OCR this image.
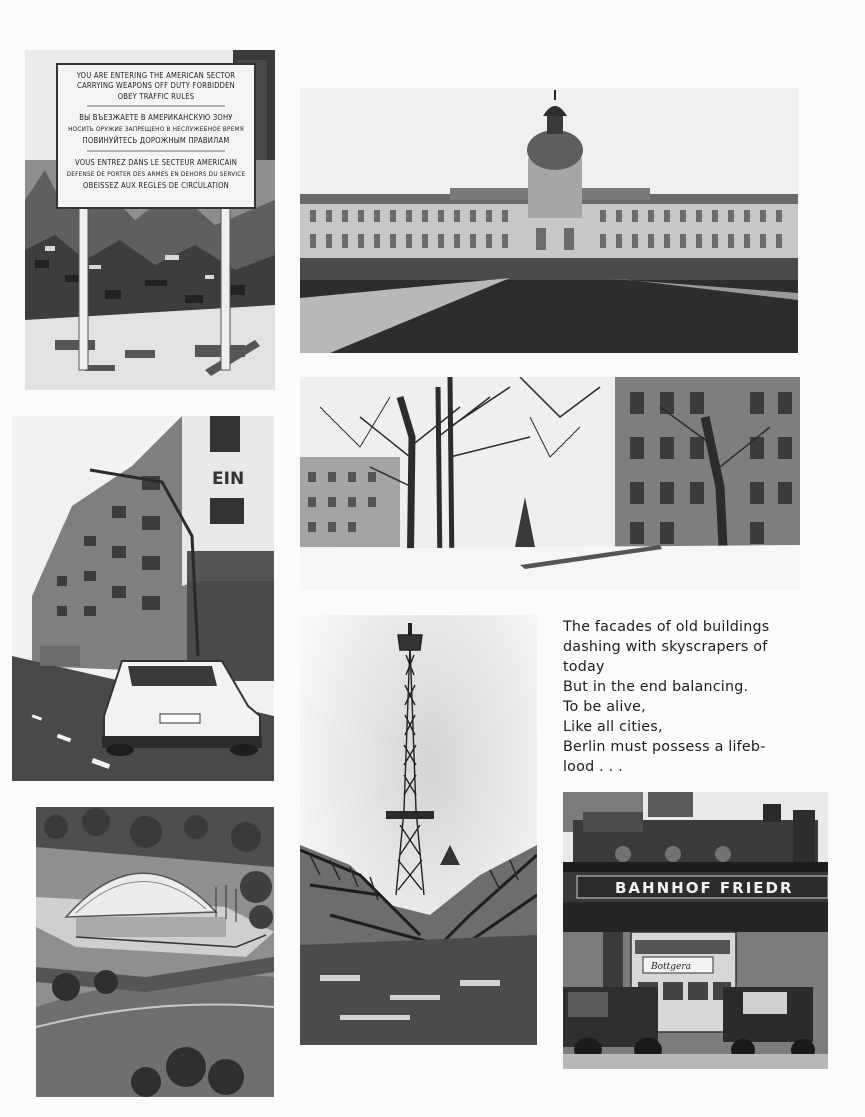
YOU ARE ENTERING THE AMERICAN SECTOR
CARRYING WEAPONS OFF DUTY FORBIDDEN
OBEY TRAFFIC RULES
ВЫ ВЪЕЗЖАЕТЕ В АМЕРИКАНСКУЮ ЗОНУ
НОСИТЬ ОРУЖИЕ ЗАПРЕЩЕНО В НЕСЛУЖЕБНОЕ ВРЕМЯ
ПОВИНУЙТЕСЬ ДОРОЖНЫМ ПРАВИЛАМ
VOUS ENTREZ DANS LE SECTEUR AMERICAIN
DEFENSE DE PORTER DES ARMES EN DEHORS DU SERVICE
OBEISSEZ AUX REGLES DE CIRCULATION
P
EIN
EB
The facades of old buildings
dashing with skyscrapers of
today
But in the end balancing.
To be alive,
Like all cities,
Berlin must possess a lifeb-
lood . . .
BAHNHOF FRIEDR
Bottgera
